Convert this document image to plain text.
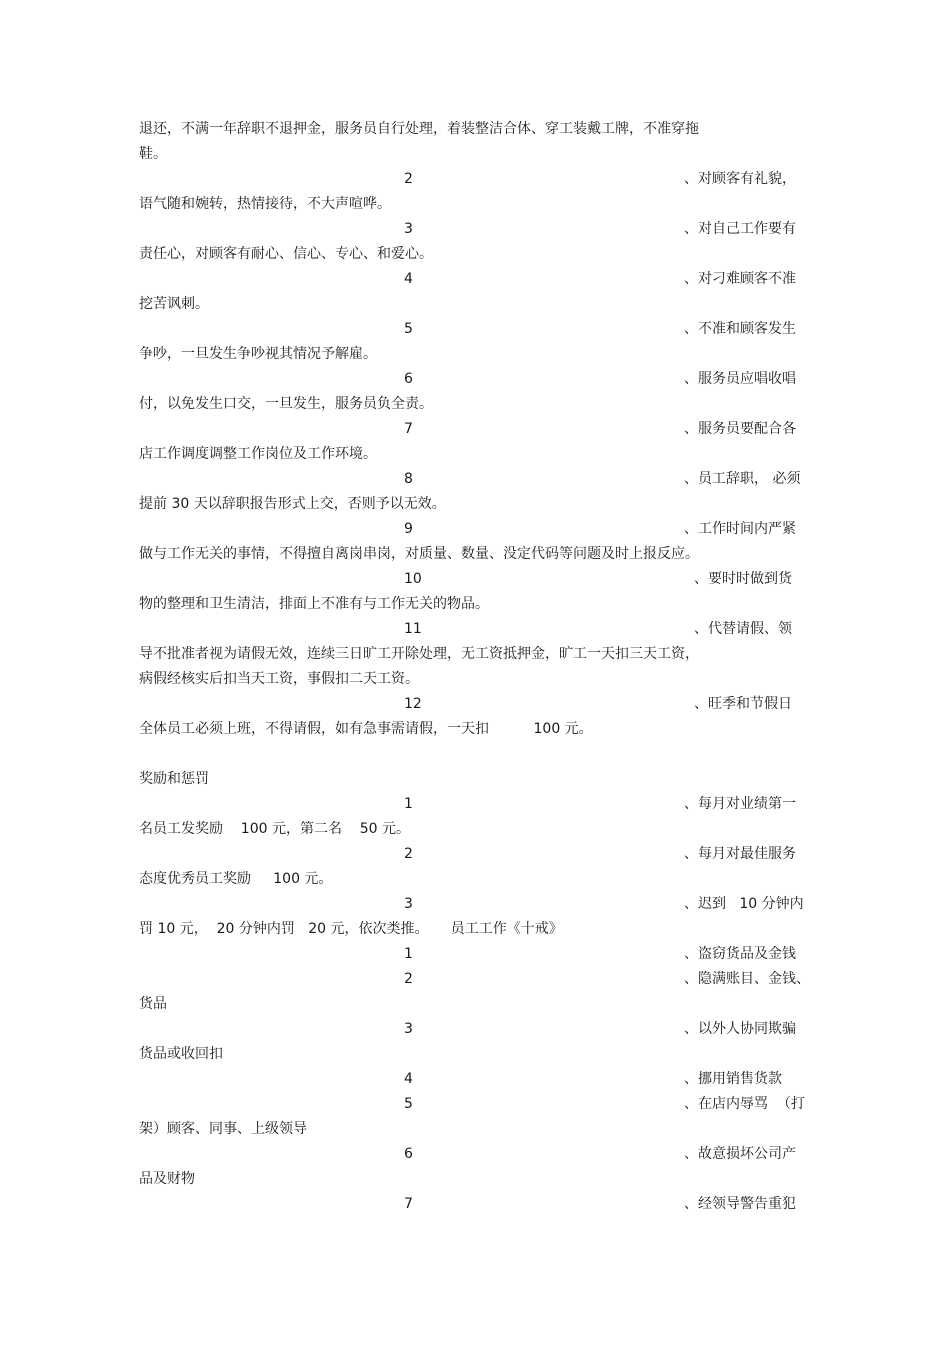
退还，不满一年辞职不退押金，服务员自行处理，着装整洁合体、穿工装戴工牌，不准穿拖
鞋。
2	、对顾客有礼貌，
语气随和婉转，热情接待，不大声喧哗。
3	、对自己工作要有
责任心，对顾客有耐心、信心、专心、和爱心。
4	、对刁难顾客不准
挖苦讽刺。
5	、不准和顾客发生
争吵，一旦发生争吵视其情况予解雇。
6	、服务员应唱收唱
付，以免发生口交，一旦发生，服务员负全责。
7	、服务员要配合各
店工作调度调整工作岗位及工作环境。
8	、员工辞职， 必须
提前 30 天以辞职报告形式上交，否则予以无效。
9	、工作时间内严紧
做与工作无关的事情，不得擅自离岗串岗，对质量、数量、没定代码等问题及时上报反应。
10	、要时时做到货
物的整理和卫生清洁，排面上不准有与工作无关的物品。
11	、代替请假、领
导不批准者视为请假无效，连续三日旷工开除处理，无工资抵押金，旷工一天扣三天工资，
病假经核实后扣当天工资，事假扣二天工资。
12	、旺季和节假日
全体员工必须上班，不得请假，如有急事需请假，一天扣          100 元。
奖励和惩罚
1	、每月对业绩第一
名员工发奖励    100 元，第二名    50 元。
2	、每月对最佳服务
态度优秀员工奖励     100 元。
3	、迟到   10 分钟内
罚 10 元，  20 分钟内罚   20 元，依次类推。     员工工作《十戒》
1	、盗窃货品及金钱
2	、隐满账目、金钱、
货品
3	、以外人协同欺骗
货品或收回扣
4	、挪用销售货款
5	、在店内辱骂  （打
架）顾客、同事、上级领导
6	、故意损坏公司产
品及财物
7	、经领导警告重犯
